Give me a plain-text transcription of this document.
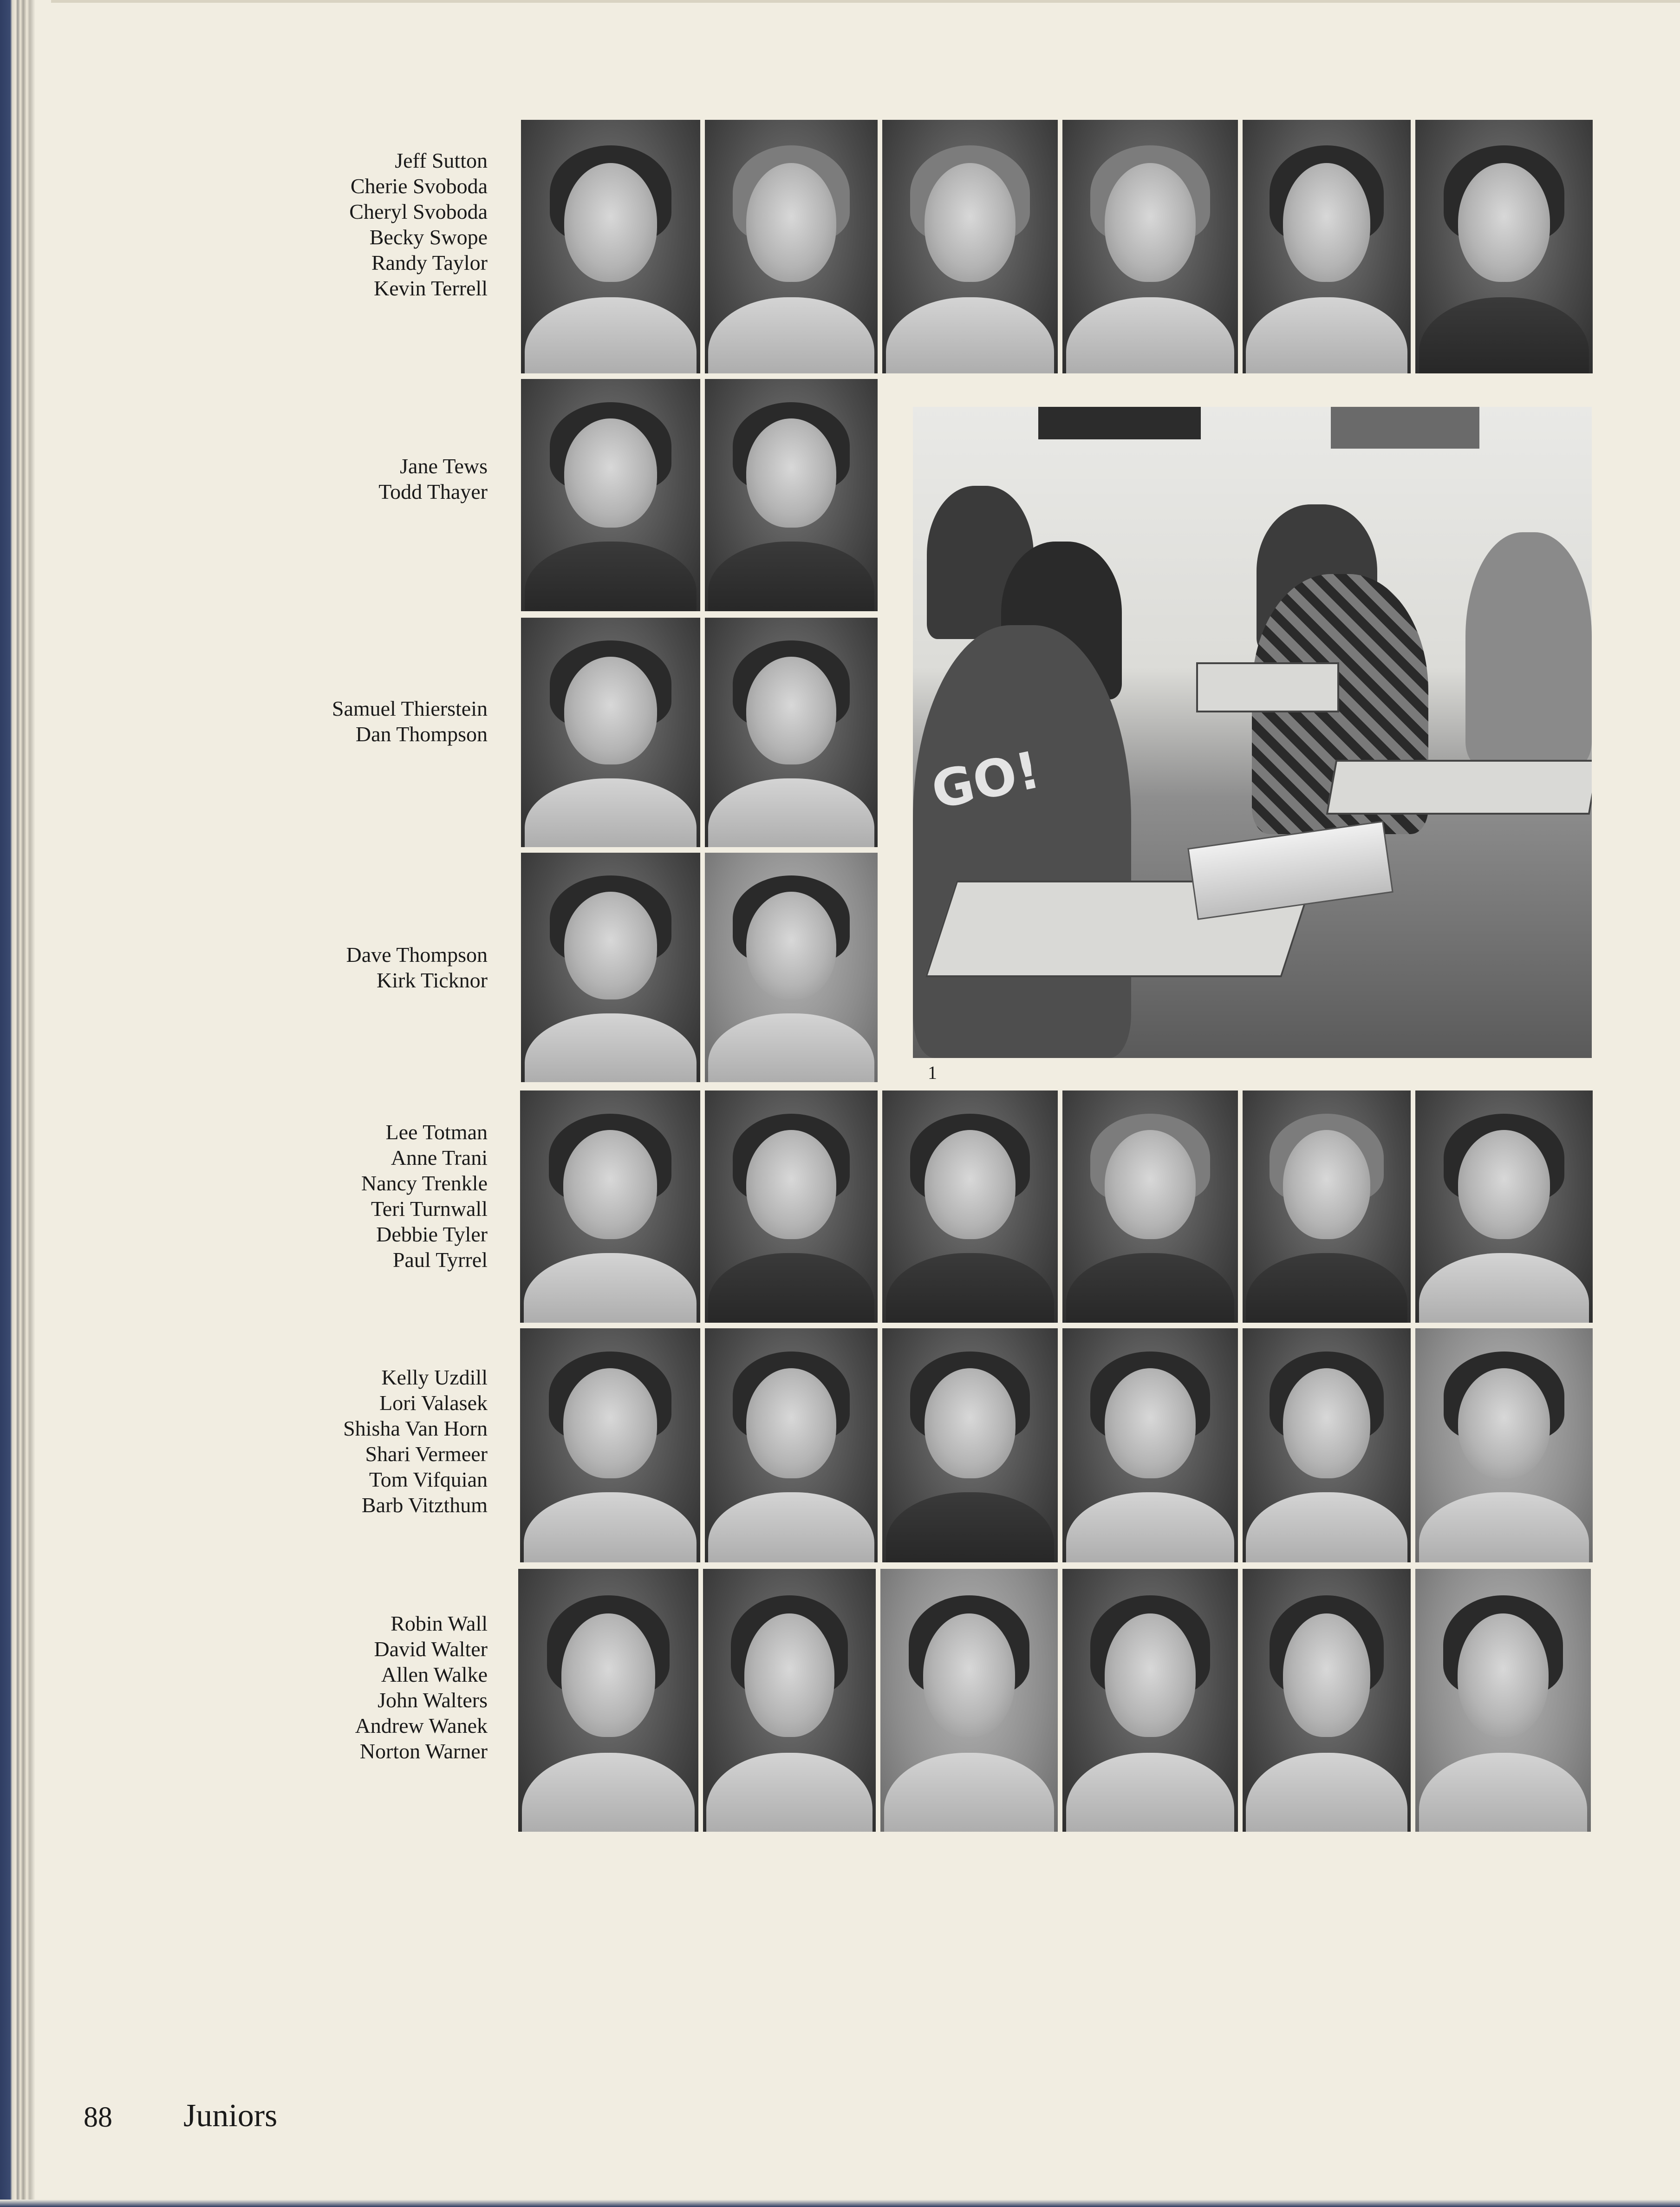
Jeff Sutton
Cherie Svoboda
Cheryl Svoboda
Becky Swope
Randy Taylor
Kevin Terrell
Jane Tews
Todd Thayer
Samuel Thierstein
Dan Thompson
Dave Thompson
Kirk Ticknor
Lee Totman
Anne Trani
Nancy Trenkle
Teri Turnwall
Debbie Tyler
Paul Tyrrel
Kelly Uzdill
Lori Valasek
Shisha Van Horn
Shari Vermeer
Tom Vifquian
Barb Vitzthum
Robin Wall
David Walter
Allen Walke
John Walters
Andrew Wanek
Norton Warner
GO!
1
88 Juniors
